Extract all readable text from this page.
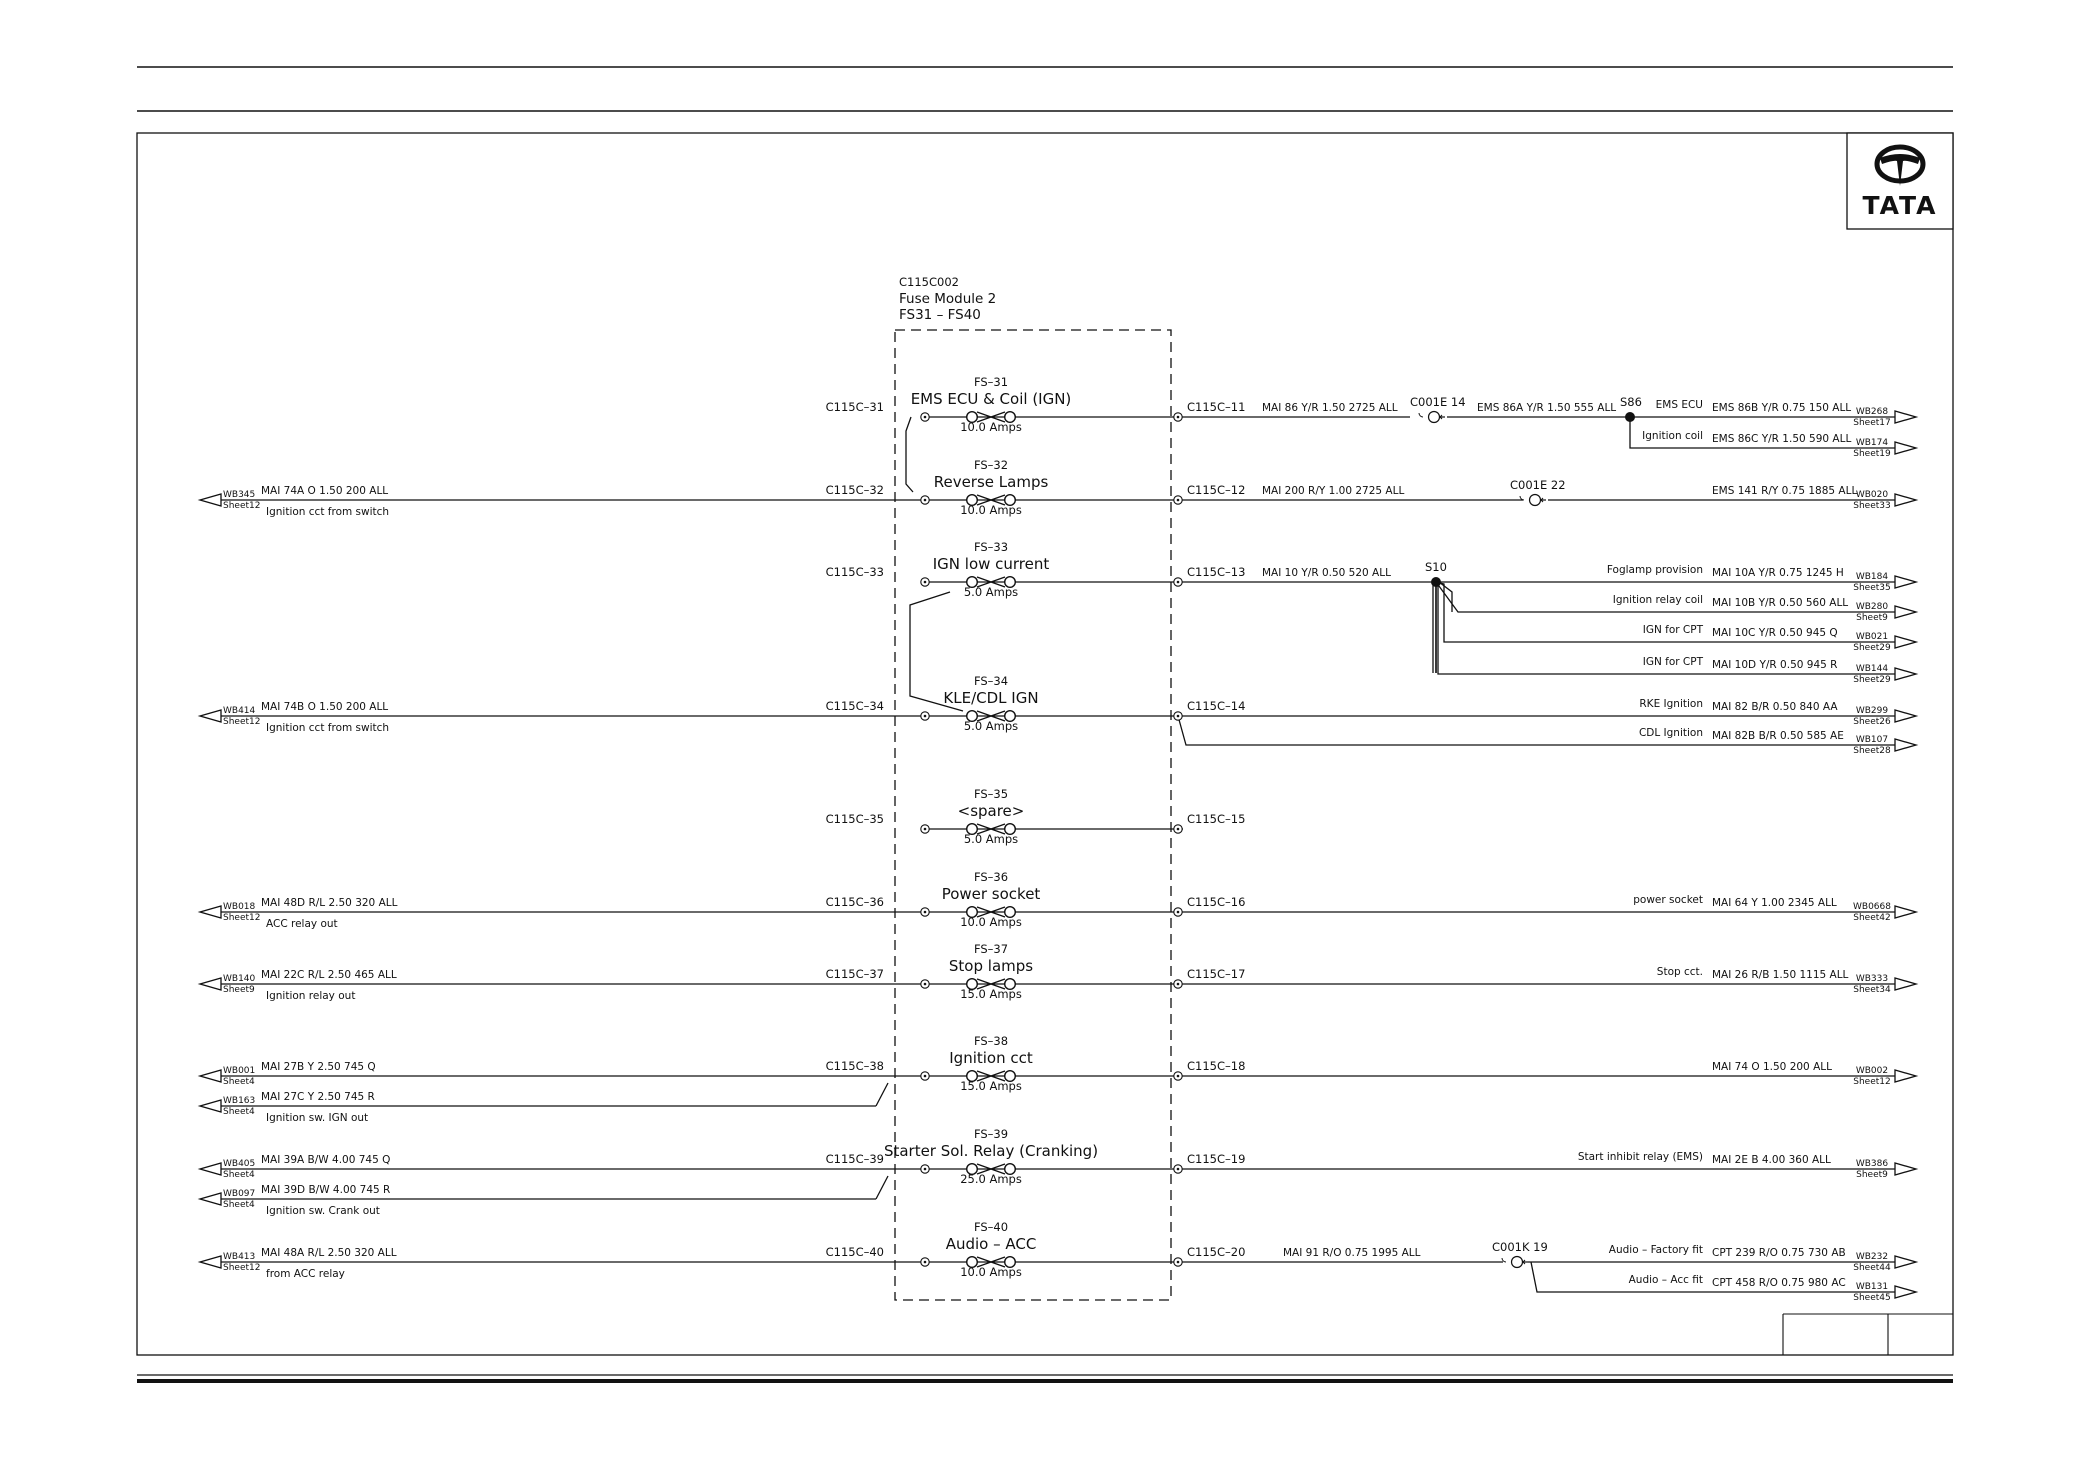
TATA
C115C002
Fuse Module 2
FS31 – FS40
FS–31
EMS ECU & Coil (IGN)
10.0 Amps
C115C–31	C115C–11
FS–32
Reverse Lamps
10.0 Amps
C115C–32	C115C–12
FS–33
IGN low current
5.0 Amps
C115C–33	C115C–13
FS–34
KLE/CDL IGN
5.0 Amps
C115C–34	C115C–14
FS–35
<spare>
5.0 Amps
C115C–35	C115C–15
FS–36
Power socket
10.0 Amps
C115C–36	C115C–16
FS–37
Stop lamps
15.0 Amps
C115C–37	C115C–17
FS–38
Ignition cct
15.0 Amps
C115C–38	C115C–18
FS–39
Starter Sol. Relay (Cranking)
25.0 Amps
C115C–39	C115C–19
FS–40
Audio – ACC
10.0 Amps
C115C–40	C115C–20
WB345
Sheet12
MAI 74A O 1.50 200 ALL
Ignition cct from switch
WB414
Sheet12
MAI 74B O 1.50 200 ALL
Ignition cct from switch
WB018
Sheet12
MAI 48D R/L 2.50 320 ALL
ACC relay out
WB140
Sheet9
MAI 22C R/L 2.50 465 ALL
Ignition relay out
WB001
Sheet4
MAI 27B Y 2.50 745 Q
WB163
Sheet4
MAI 27C Y 2.50 745 R
Ignition sw. IGN out
WB405
Sheet4
MAI 39A B/W 4.00 745 Q
WB097
Sheet4
MAI 39D B/W 4.00 745 R
Ignition sw. Crank out
WB413
Sheet12
MAI 48A R/L 2.50 320 ALL
from ACC relay
WB268
Sheet17
EMS 86B Y/R 0.75 150 ALL
EMS ECU
WB174
Sheet19
EMS 86C Y/R 1.50 590 ALL
Ignition coil
WB020
Sheet33
EMS 141 R/Y 0.75 1885 ALL
WB184
Sheet35
MAI 10A Y/R 0.75 1245 H
Foglamp provision
WB280
Sheet9
MAI 10B Y/R 0.50 560 ALL
Ignition relay coil
WB021
Sheet29
MAI 10C Y/R 0.50 945 Q
IGN for CPT
WB144
Sheet29
MAI 10D Y/R 0.50 945 R
IGN for CPT
WB299
Sheet26
MAI 82 B/R 0.50 840 AA
RKE Ignition
WB107
Sheet28
MAI 82B B/R 0.50 585 AE
CDL Ignition
WB0668
Sheet42
MAI 64 Y 1.00 2345 ALL
power socket
WB333
Sheet34
MAI 26 R/B 1.50 1115 ALL
Stop cct.
WB002
Sheet12
MAI 74 O 1.50 200 ALL
WB386
Sheet9
MAI 2E B 4.00 360 ALL
Start inhibit relay (EMS)
WB232
Sheet44
CPT 239 R/O 0.75 730 AB
Audio – Factory fit
WB131
Sheet45
CPT 458 R/O 0.75 980 AC
Audio – Acc fit
MAI 86 Y/R 1.50 2725 ALL	EMS 86A Y/R 1.50 555 ALL
MAI 200 R/Y 1.00 2725 ALL
MAI 10 Y/R 0.50 520 ALL
MAI 91 R/O 0.75 1995 ALL
C001E 14
C001E 22
C001K 19
S86
S10
